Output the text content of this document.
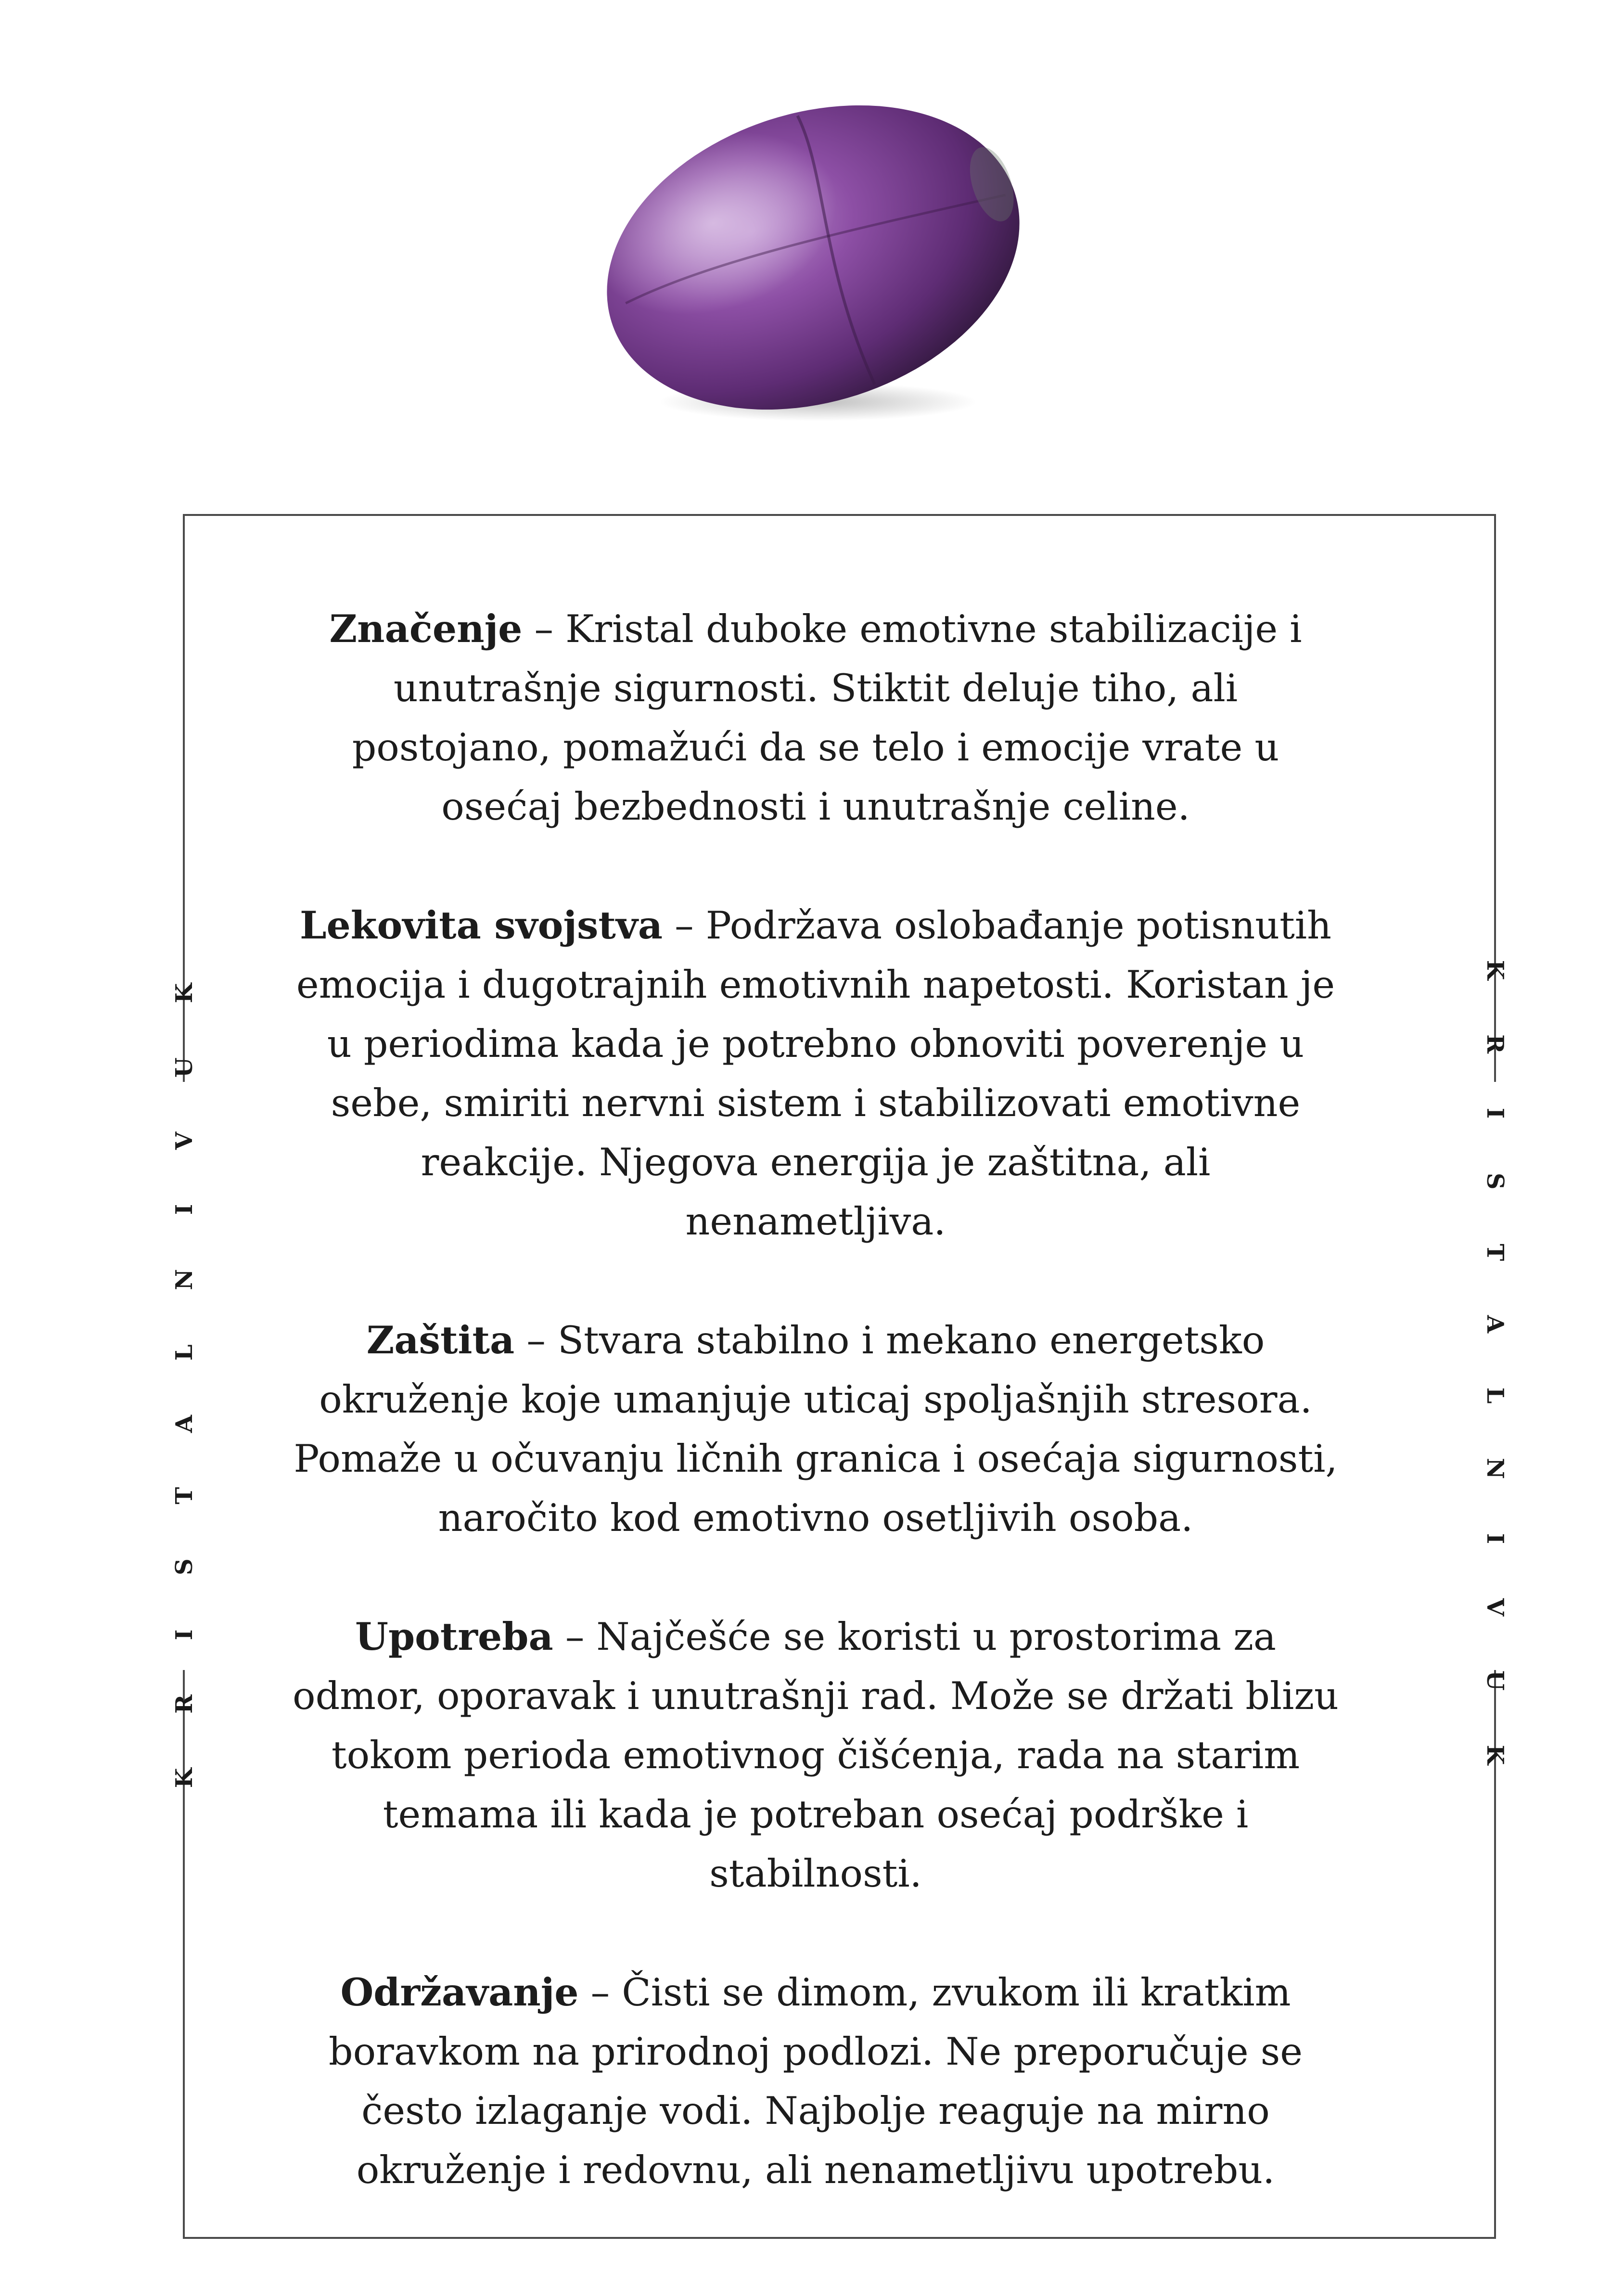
K R I S T A L N I V U K	K R I S T A L N I V U K

Značenje – Kristal duboke emotivne stabilizacije i unutrašnje sigurnosti. Stiktit deluje tiho, ali postojano, pomažući da se telo i emocije vrate u osećaj bezbednosti i unutrašnje celine.

Lekovita svojstva – Podržava oslobađanje potisnutih emocija i dugotrajnih emotivnih napetosti. Koristan je u periodima kada je potrebno obnoviti poverenje u sebe, smiriti nervni sistem i stabilizovati emotivne reakcije. Njegova energija je zaštitna, ali nenametljiva.

Zaštita – Stvara stabilno i mekano energetsko okruženje koje umanjuje uticaj spoljašnjih stresora. Pomaže u očuvanju ličnih granica i osećaja sigurnosti, naročito kod emotivno osetljivih osoba.

Upotreba – Najčešće se koristi u prostorima za odmor, oporavak i unutrašnji rad. Može se držati blizu tokom perioda emotivnog čišćenja, rada na starim temama ili kada je potreban osećaj podrške i stabilnosti.

Održavanje – Čisti se dimom, zvukom ili kratkim boravkom na prirodnoj podlozi. Ne preporučuje se često izlaganje vodi. Najbolje reaguje na mirno okruženje i redovnu, ali nenametljivu upotrebu.
